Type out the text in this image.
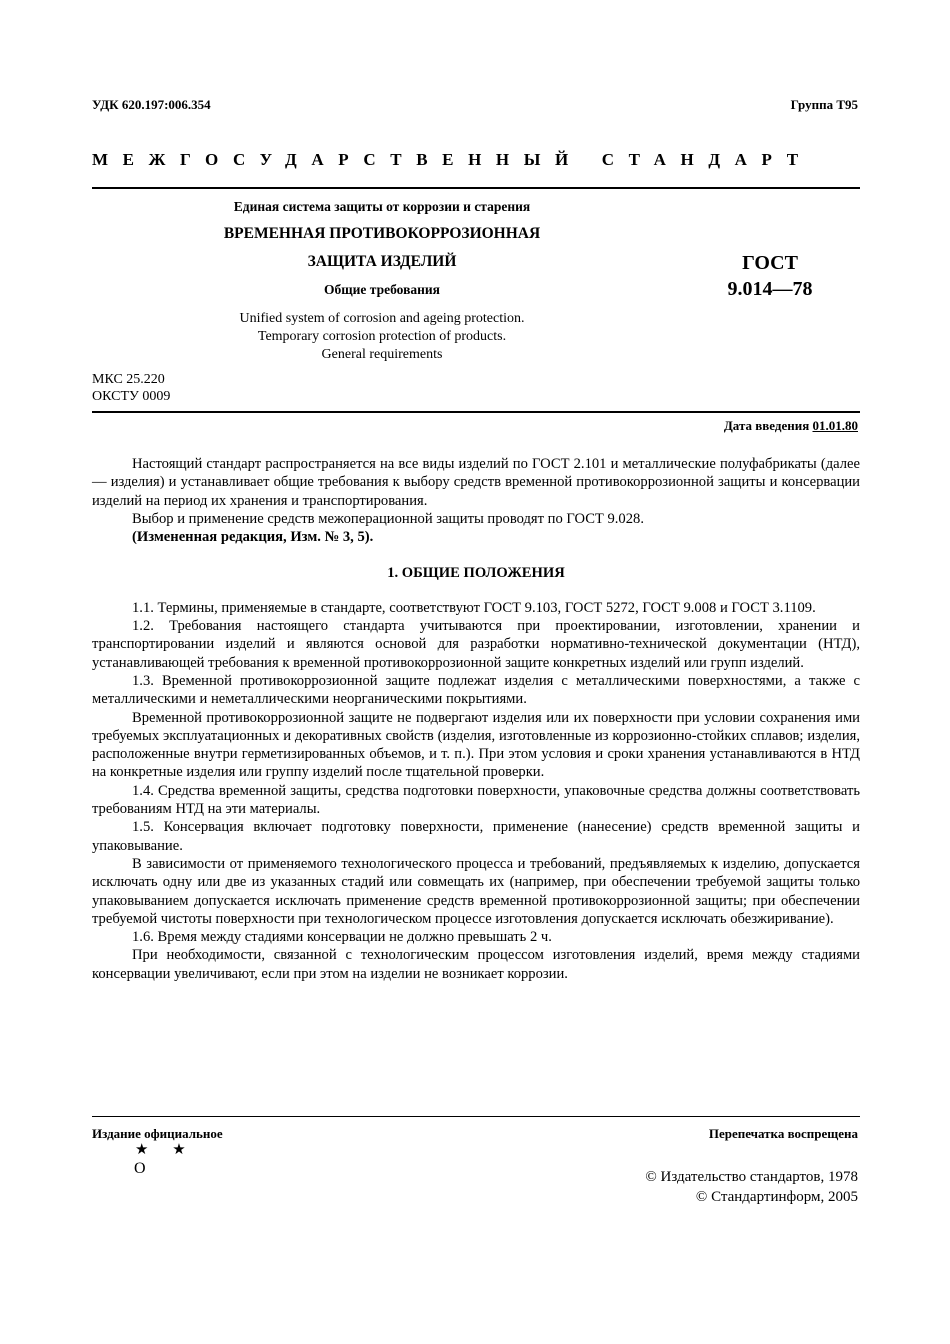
УДК 620.197:006.354	Группа Т95
МЕЖГОСУДАРСТВЕННЫЙ СТАНДАРТ
Единая система защиты от коррозии и старения
ВРЕМЕННАЯ ПРОТИВОКОРРОЗИОННАЯ
ЗАЩИТА ИЗДЕЛИЙ
Общие требования
Unified system of corrosion and ageing protection.
Temporary corrosion protection of products.
General requirements
ГОСТ
9.014—78
МКС 25.220
ОКСТУ 0009
Дата введения 01.01.80

Настоящий стандарт распространяется на все виды изделий по ГОСТ 2.101 и металлические полуфабрикаты (далее — изделия) и устанавливает общие требования к выбору средств временной противокоррозионной защиты и консервации изделий на период их хранения и транспортирования.

Выбор и применение средств межоперационной защиты проводят по ГОСТ 9.028.

(Измененная редакция, Изм. № 3, 5).

1. ОБЩИЕ ПОЛОЖЕНИЯ

1.1. Термины, применяемые в стандарте, соответствуют ГОСТ 9.103, ГОСТ 5272, ГОСТ 9.008 и ГОСТ 3.1109.

1.2. Требования настоящего стандарта учитываются при проектировании, изготовлении, хранении и транспортировании изделий и являются основой для разработки нормативно-технической документации (НТД), устанавливающей требования к временной противокоррозионной защите конкретных изделий или групп изделий.

1.3. Временной противокоррозионной защите подлежат изделия с металлическими поверхностями, а также с металлическими и неметаллическими неорганическими покрытиями.

Временной противокоррозионной защите не подвергают изделия или их поверхности при условии сохранения ими требуемых эксплуатационных и декоративных свойств (изделия, изготовленные из коррозионно-стойких сплавов; изделия, расположенные внутри герметизированных объемов, и т. п.). При этом условия и сроки хранения устанавливаются в НТД на конкретные изделия или группу изделий после тщательной проверки.

1.4. Средства временной защиты, средства подготовки поверхности, упаковочные средства должны соответствовать требованиям НТД на эти материалы.

1.5. Консервация включает подготовку поверхности, применение (нанесение) средств временной защиты и упаковывание.

В зависимости от применяемого технологического процесса и требований, предъявляемых к изделию, допускается исключать одну или две из указанных стадий или совмещать их (например, при обеспечении требуемой защиты только упаковыванием допускается исключать применение средств временной противокоррозионной защиты; при обеспечении требуемой чистоты поверхности при технологическом процессе изготовления допускается исключать обезжиривание).

1.6. Время между стадиями консервации не должно превышать 2 ч.

При необходимости, связанной с технологическим процессом изготовления изделий, время между стадиями консервации увеличивают, если при этом на изделии не возникает коррозии.

Издание официальное	Перепечатка воспрещена
★ ★
О	© Издательство стандартов, 1978
© Стандартинформ, 2005
